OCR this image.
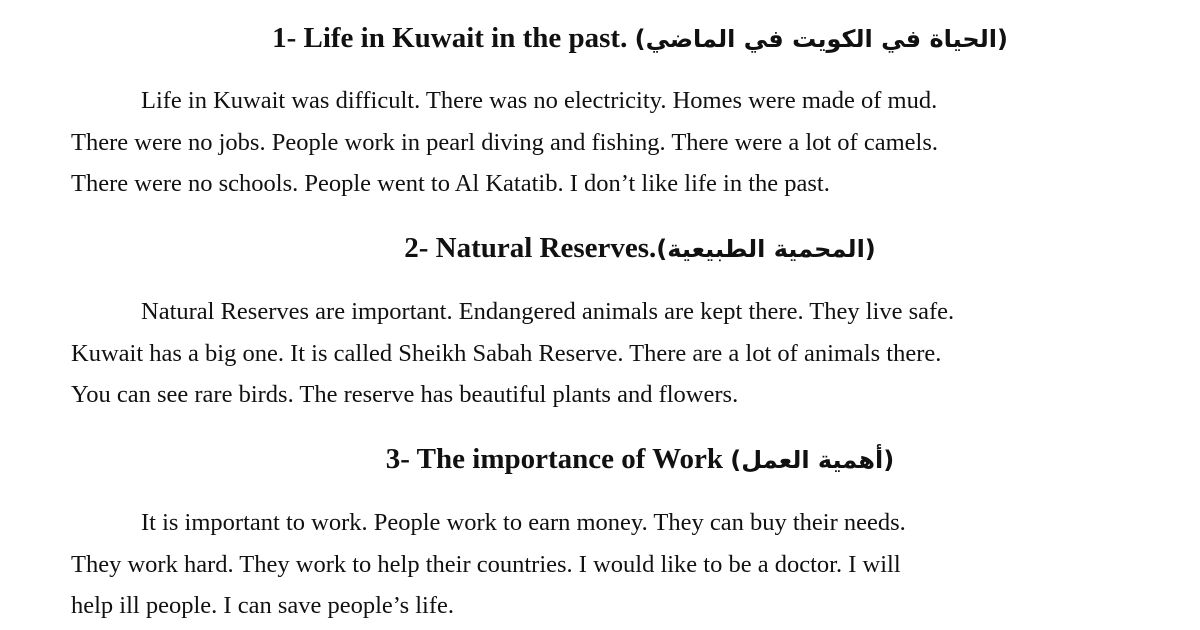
1- Life in Kuwait in the past. (الحياة في الكويت في الماضي)
Life in Kuwait was difficult. There was no electricity. Homes were made of mud.
There were no jobs. People work in pearl diving and fishing. There were a lot of camels.
There were no schools. People went to Al Katatib. I don’t like life in the past.
2- Natural Reserves.(المحمية الطبيعية)
Natural Reserves are important. Endangered animals are kept there. They live safe.
Kuwait has a big one. It is called Sheikh Sabah Reserve. There are a lot of animals there.
You can see rare birds. The reserve has beautiful plants and flowers.
3- The importance of Work (أهمية العمل)
It is important to work. People work to earn money. They can buy their needs.
They work hard. They work to help their countries. I would like to be a doctor. I will
help ill people. I can save people’s life.
